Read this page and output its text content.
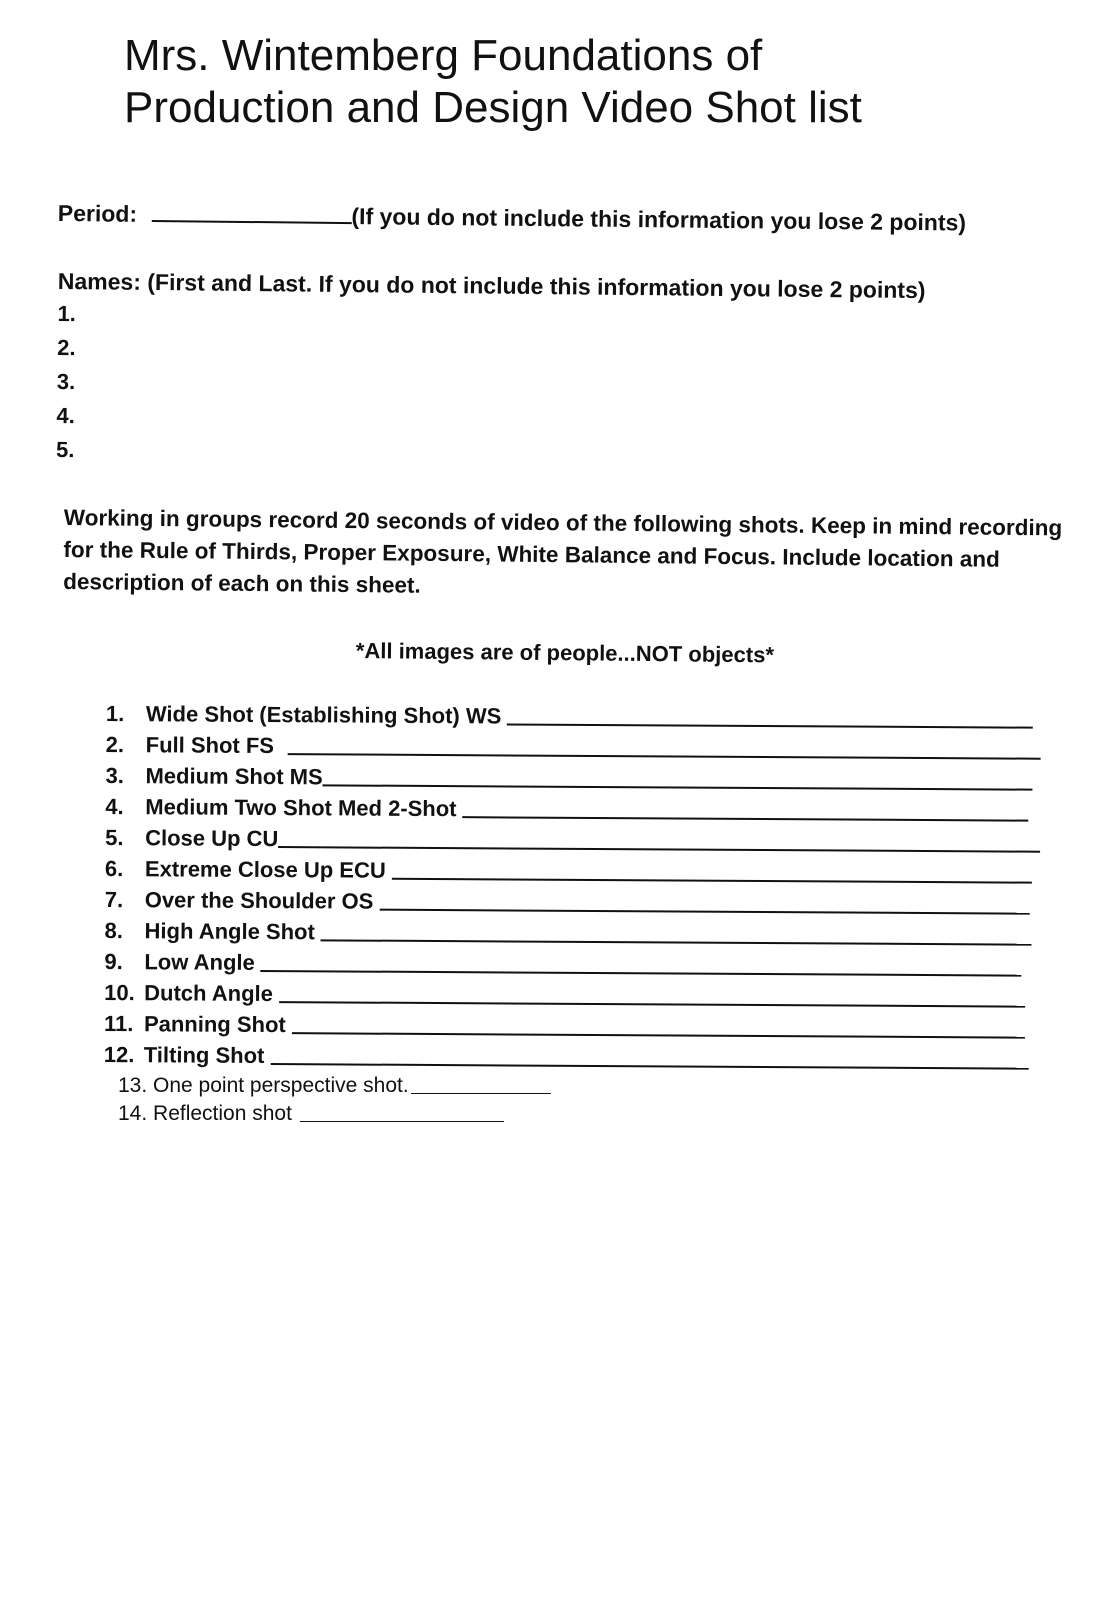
Mrs. Wintemberg Foundations of
Production and Design Video Shot list
Period:	(If you do not include this information you lose 2 points)
Names: (First and Last. If you do not include this information you lose 2 points)
1.
2.
3.
4.
5.
Working in groups record 20 seconds of video of the following shots. Keep in mind recording for the Rule of Thirds, Proper Exposure, White Balance and Focus. Include location and description of each on this sheet.
*All images are of people...NOT objects*
1. Wide Shot (Establishing Shot) WS
2. Full Shot FS
3. Medium Shot MS
4. Medium Two Shot Med 2-Shot
5. Close Up CU
6. Extreme Close Up ECU
7. Over the Shoulder OS
8. High Angle Shot
9. Low Angle
10. Dutch Angle
11. Panning Shot
12. Tilting Shot
13. One point perspective shot.
14. Reflection shot
